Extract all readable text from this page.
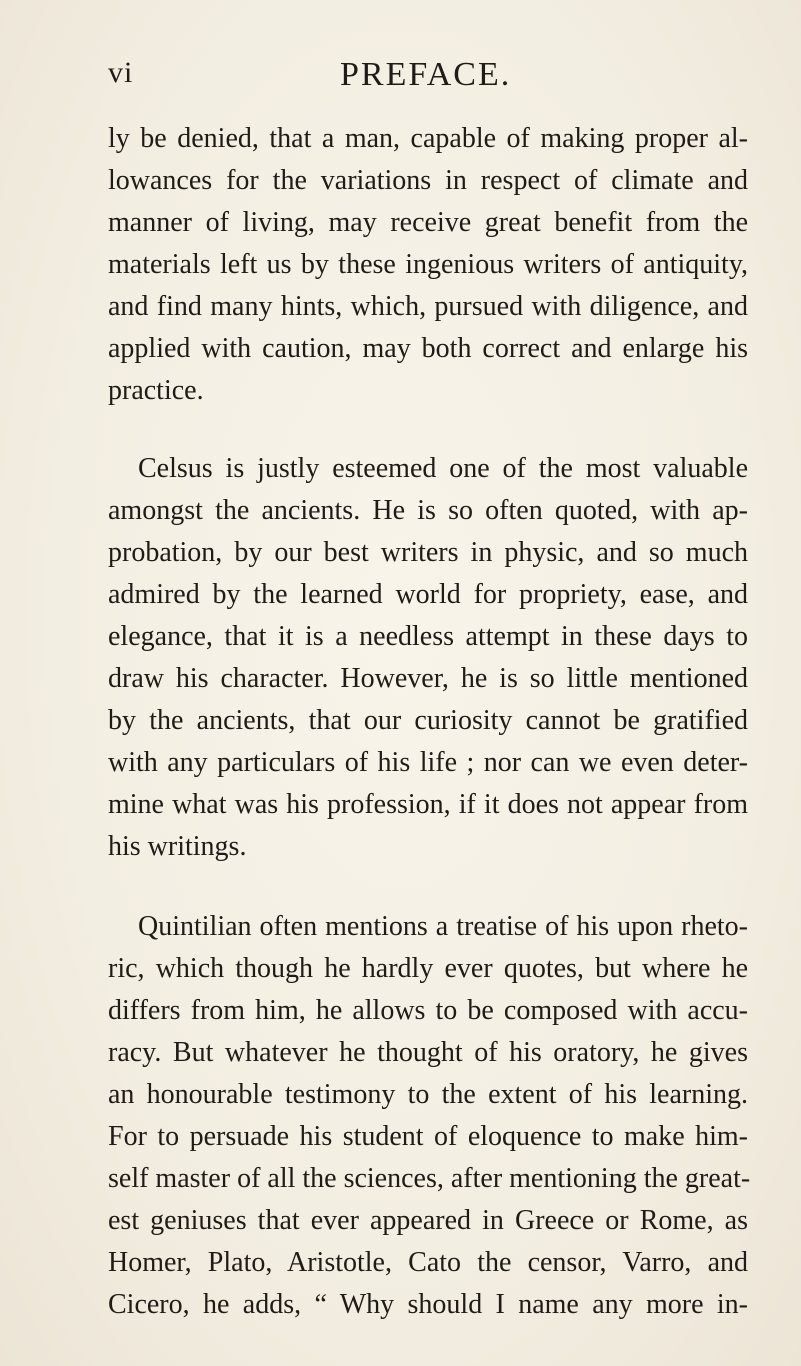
vi	PREFACE.
ly be denied, that a man, capable of making proper al-
lowances for the variations in respect of climate and
manner of living, may receive great benefit from the
materials left us by these ingenious writers of antiquity,
and find many hints, which, pursued with diligence, and
applied with caution, may both correct and enlarge his
practice.
Celsus is justly esteemed one of the most valuable
amongst the ancients. He is so often quoted, with ap-
probation, by our best writers in physic, and so much
admired by the learned world for propriety, ease, and
elegance, that it is a needless attempt in these days to
draw his character. However, he is so little mentioned
by the ancients, that our curiosity cannot be gratified
with any particulars of his life ; nor can we even deter-
mine what was his profession, if it does not appear from
his writings.
Quintilian often mentions a treatise of his upon rheto-
ric, which though he hardly ever quotes, but where he
differs from him, he allows to be composed with accu-
racy. But whatever he thought of his oratory, he gives
an honourable testimony to the extent of his learning.
For to persuade his student of eloquence to make him-
self master of all the sciences, after mentioning the great-
est geniuses that ever appeared in Greece or Rome, as
Homer, Plato, Aristotle, Cato the censor, Varro, and
Cicero, he adds, “ Why should I name any more in-
